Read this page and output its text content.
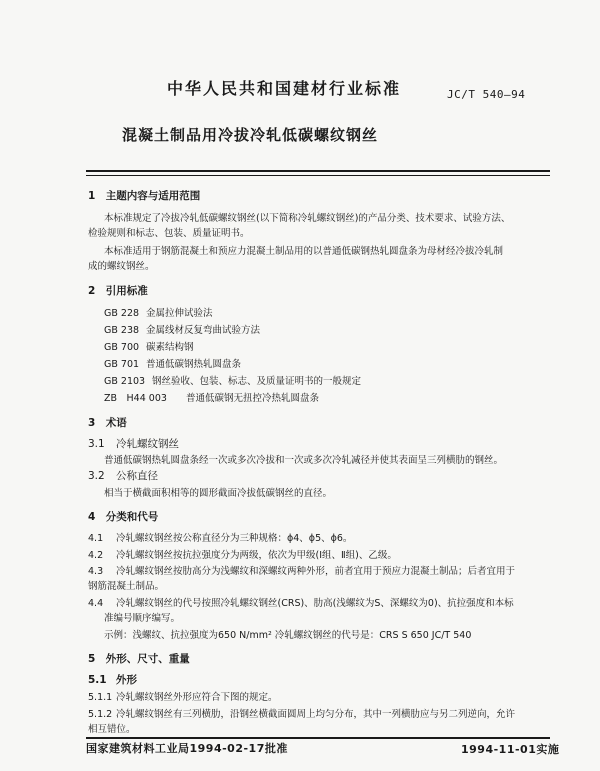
中华人民共和国建材行业标准	JC/T 540—94
混凝土制品用冷拔冷轧低碳螺纹钢丝
1　主题内容与适用范围
本标准规定了冷拔冷轧低碳螺纹钢丝(以下简称冷轧螺纹钢丝)的产品分类、技术要求、试验方法、
检验规则和标志、包装、质量证明书。
本标准适用于钢筋混凝土和预应力混凝土制品用的以普通低碳钢热轧圆盘条为母材经冷拔冷轧制
成的螺纹钢丝。
2　引用标准
GB 228 金属拉伸试验法
GB 238 金属线材反复弯曲试验方法
GB 700 碳素结构钢
GB 701 普通低碳钢热轧圆盘条
GB 2103 钢丝验收、包装、标志、及质量证明书的一般规定
ZB　H44 003 普通低碳钢无扭控冷热轧圆盘条
3　术语
3.1 冷轧螺纹钢丝
普通低碳钢热轧圆盘条经一次或多次冷拔和一次或多次冷轧减径并使其表面呈三列横肋的钢丝。
3.2 公称直径
相当于横截面积相等的圆形截面冷拔低碳钢丝的直径。
4　分类和代号
4.1 冷轧螺纹钢丝按公称直径分为三种规格：ϕ4、ϕ5、ϕ6。
4.2 冷轧螺纹钢丝按抗拉强度分为两级，依次为甲级(Ⅰ组、Ⅱ组)、乙级。
4.3 冷轧螺纹钢丝按肋高分为浅螺纹和深螺纹两种外形，前者宜用于预应力混凝土制品；后者宜用于
钢筋混凝土制品。
4.4 冷轧螺纹钢丝的代号按照冷轧螺纹钢丝(CRS)、肋高(浅螺纹为S、深螺纹为0)、抗拉强度和本标
准编号顺序编写。
示例：浅螺纹、抗拉强度为650 N/mm² 冷轧螺纹钢丝的代号是：CRS S 650 JC/T 540
5　外形、尺寸、重量
5.1 外形
5.1.1 冷轧螺纹钢丝外形应符合下图的规定。
5.1.2 冷轧螺纹钢丝有三列横肋，沿钢丝横截面圆周上均匀分布，其中一列横肋应与另二列逆向，允许
相互错位。
国家建筑材料工业局1994-02-17批准	1994-11-01实施
